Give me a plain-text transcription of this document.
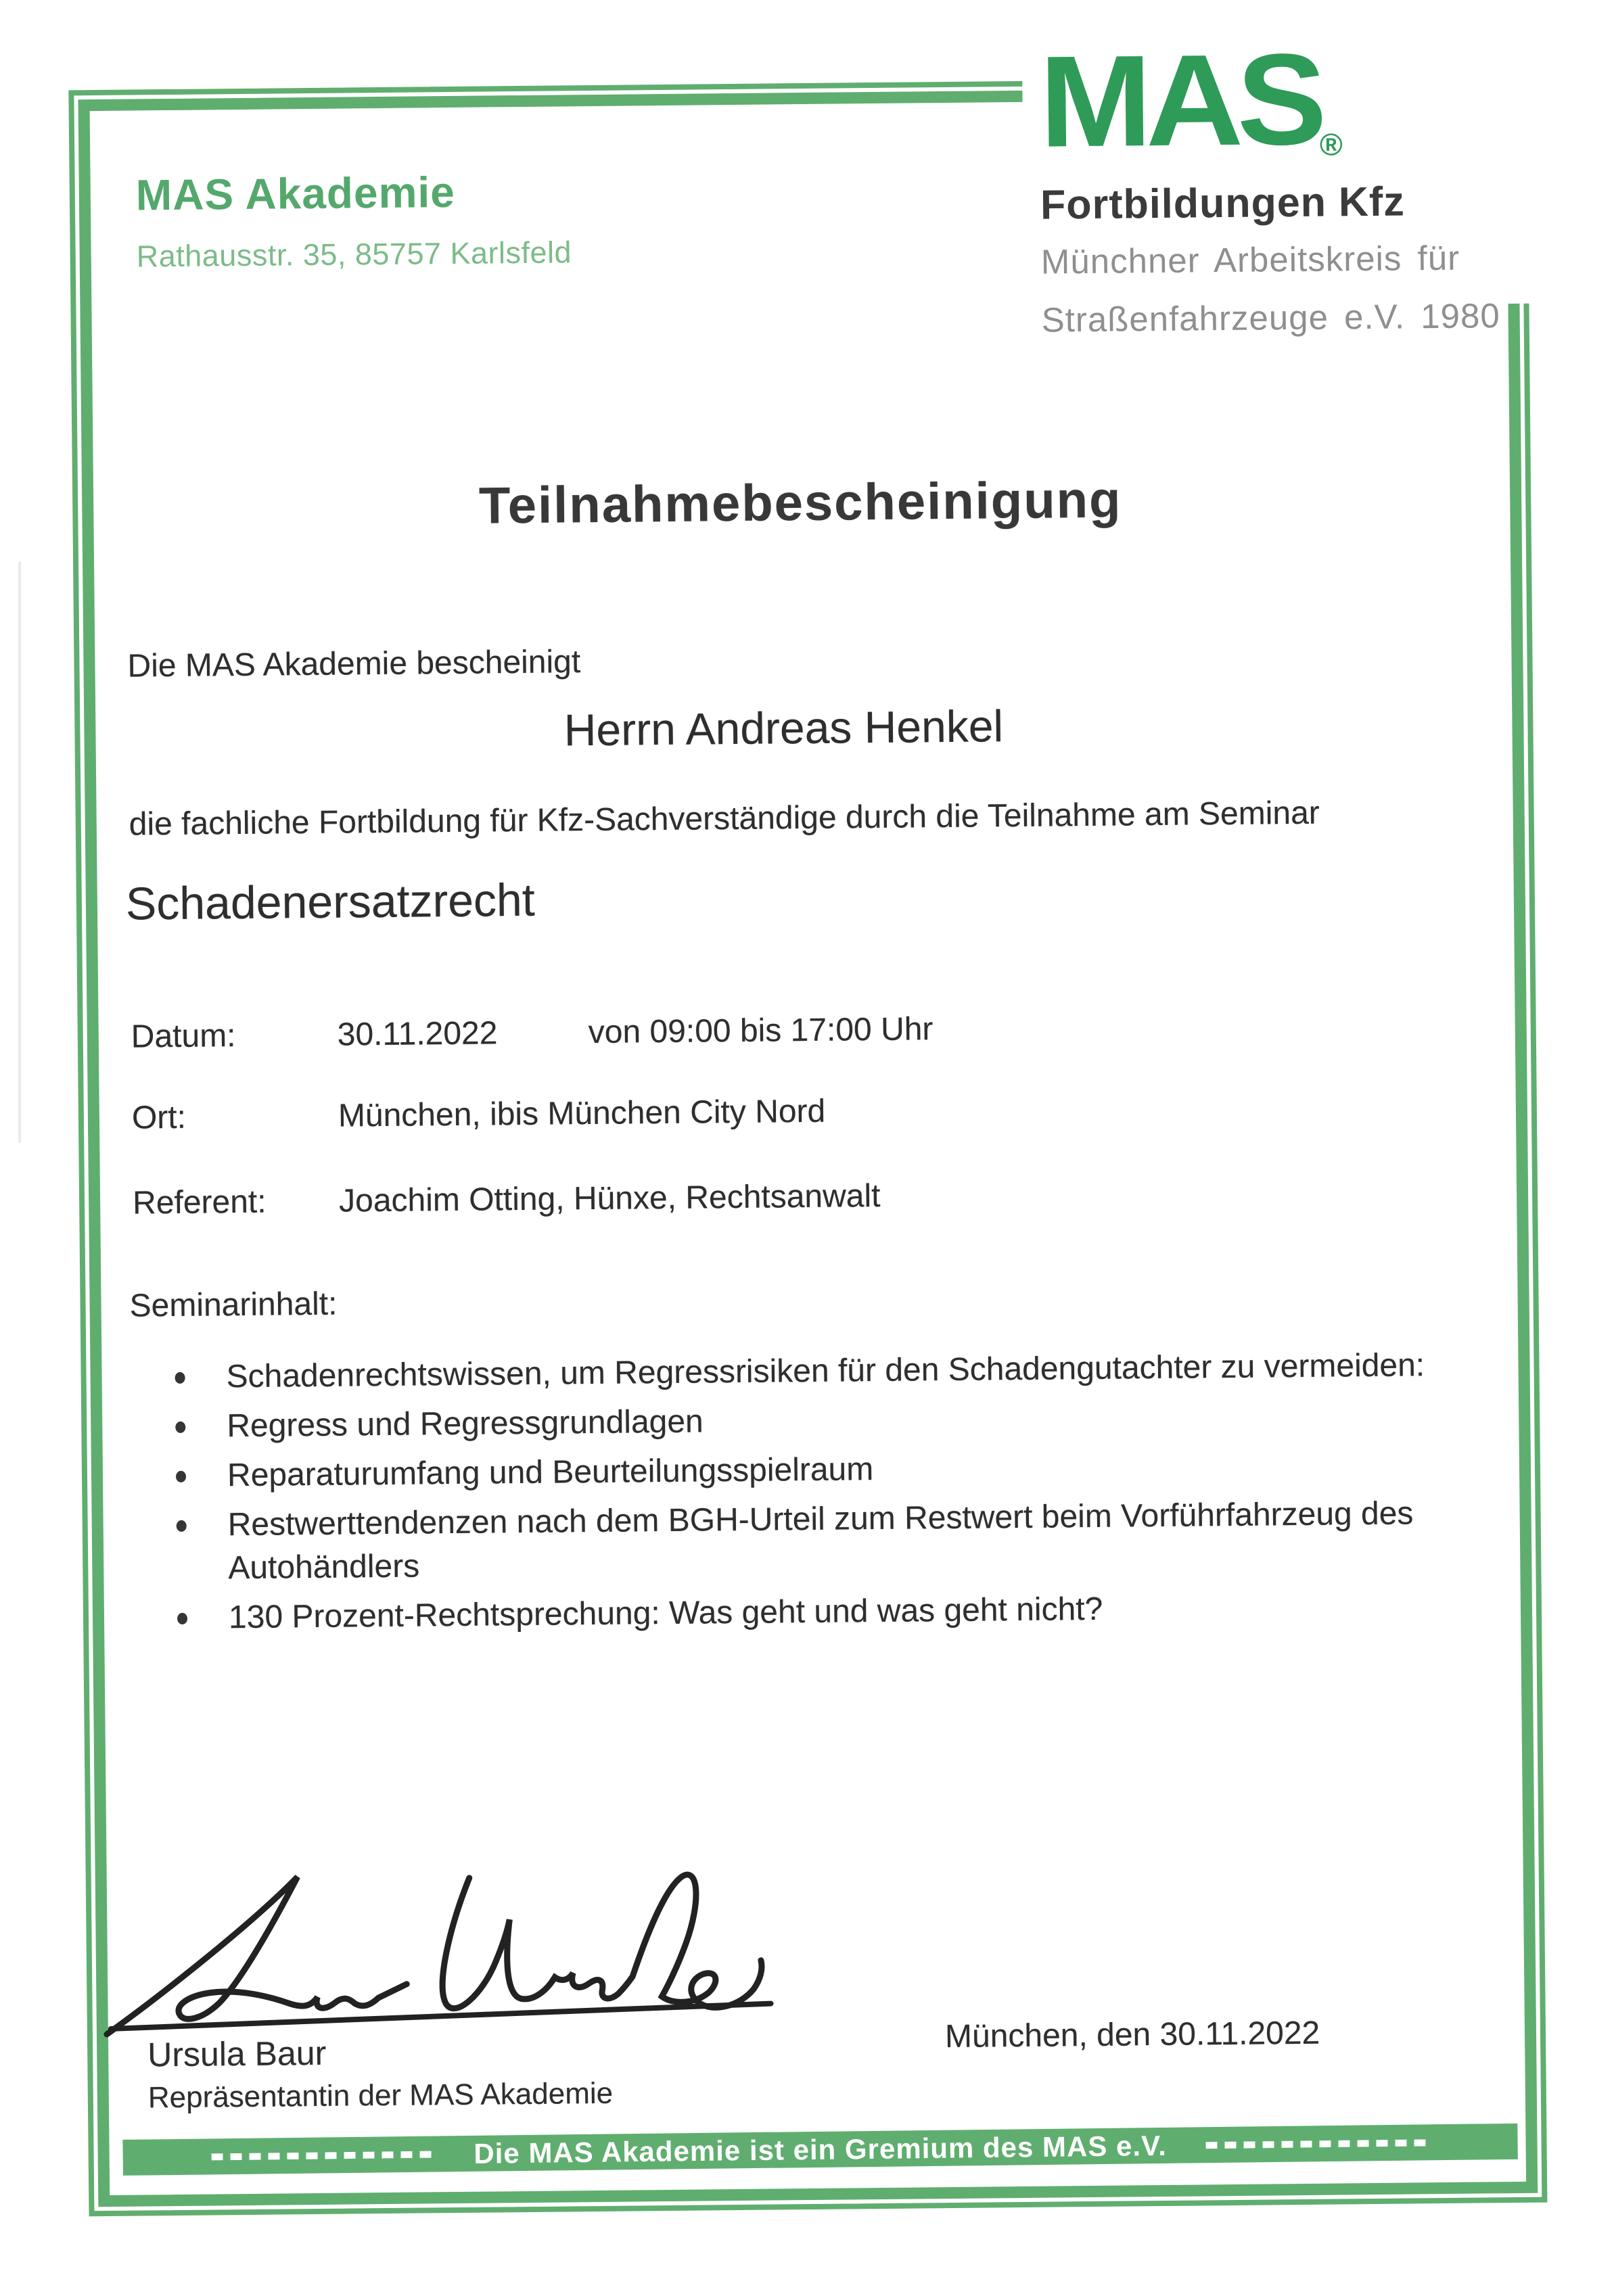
MAS Akademie
Rathausstr. 35, 85757 Karlsfeld
MAS
®
Fortbildungen Kfz
Münchner Arbeitskreis für
Straßenfahrzeuge e.V. 1980
Teilnahmebescheinigung
Die MAS Akademie bescheinigt
Herrn Andreas Henkel
die fachliche Fortbildung für Kfz-Sachverständige durch die Teilnahme am Seminar
Schadenersatzrecht
Datum:	30.11.2022	von 09:00 bis 17:00 Uhr
Ort:	München, ibis München City Nord
Referent: Joachim Otting, Hünxe, Rechtsanwalt
Seminarinhalt:
Schadenrechtswissen, um Regressrisiken für den Schadengutachter zu vermeiden:
Regress und Regressgrundlagen
Reparaturumfang und Beurteilungsspielraum
Restwerttendenzen nach dem BGH-Urteil zum Restwert beim Vorführfahrzeug des Autohändlers
130 Prozent-Rechtsprechung: Was geht und was geht nicht?
Ursula Baur
Repräsentantin der MAS Akademie
München, den 30.11.2022
Die MAS Akademie ist ein Gremium des MAS e.V.
